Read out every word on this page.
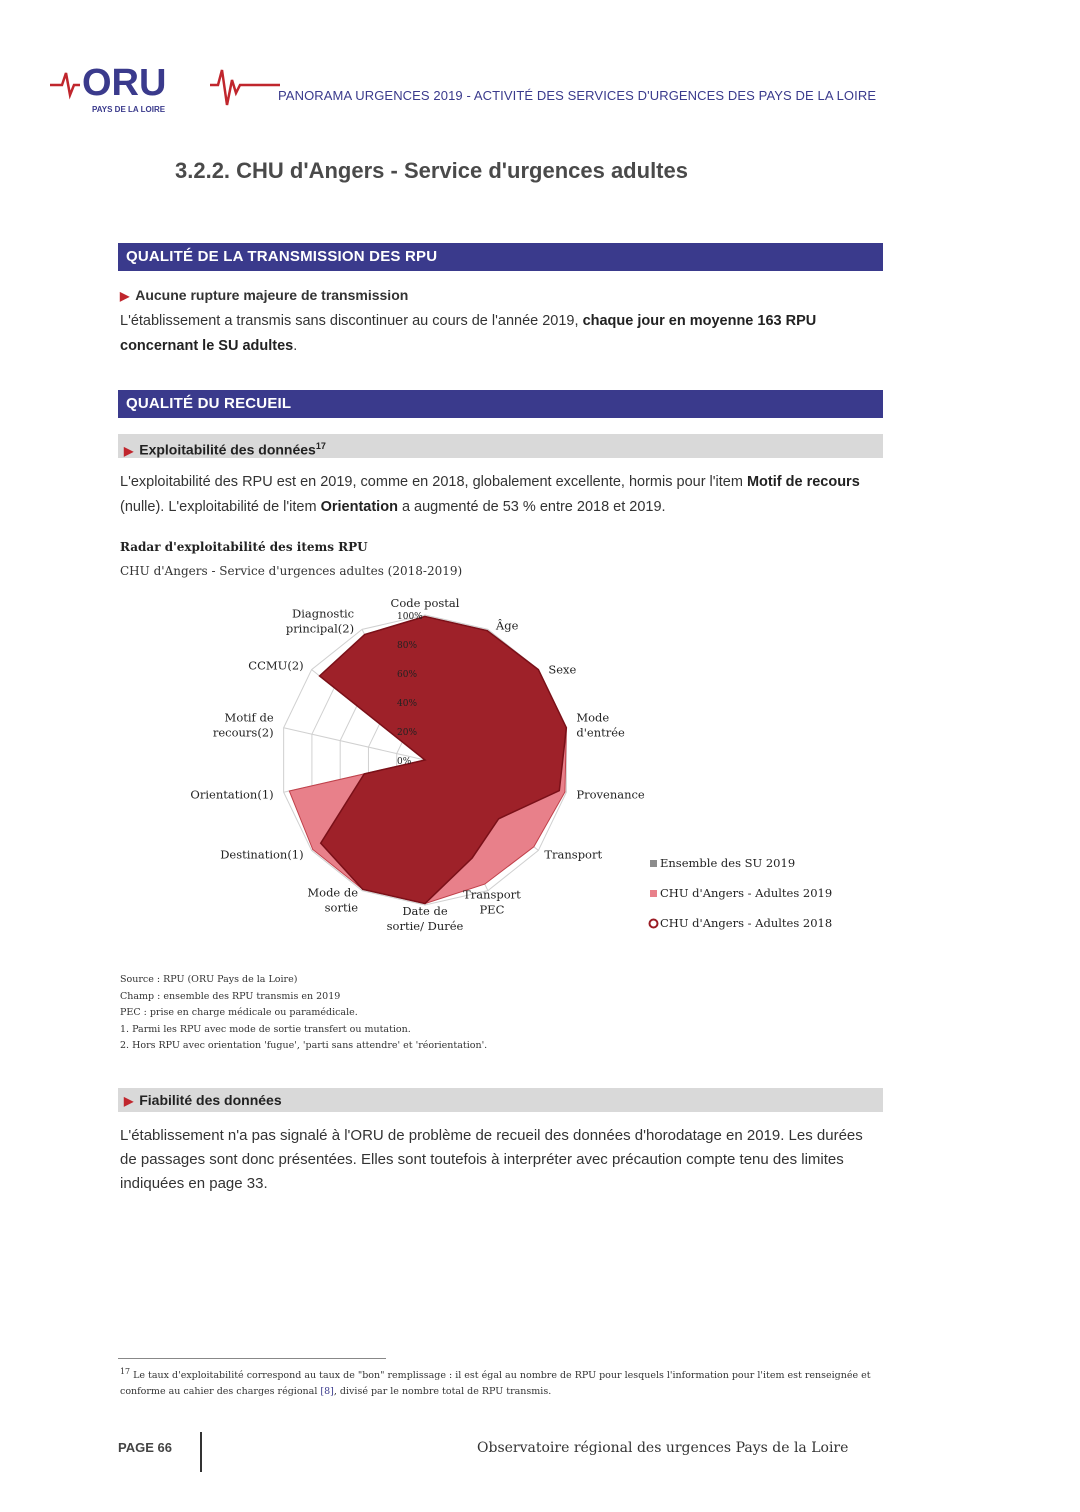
ORU
PAYS DE LA LOIRE
PANORAMA URGENCES 2019 - ACTIVITÉ DES SERVICES D'URGENCES DES PAYS DE LA LOIRE
3.2.2. CHU d'Angers - Service d'urgences adultes
QUALITÉ DE LA TRANSMISSION DES RPU
▶ Aucune rupture majeure de transmission
L'établissement a transmis sans discontinuer au cours de l'année 2019, chaque jour en moyenne 163 RPU concernant le SU adultes.
QUALITÉ DU RECUEIL
▶ Exploitabilité des données$^{17}$
L'exploitabilité des RPU est en 2019, comme en 2018, globalement excellente, hormis pour l'item Motif de recours (nulle). L'exploitabilité de l'item Orientation a augmenté de 53 % entre 2018 et 2019.
Radar d'exploitabilité des items RPU
CHU d'Angers - Service d'urgences adultes (2018-2019)
0%
20%
40%
60%
80%
100%
Code postal
Âge
Sexe
Mode d'entrée
Provenance
Transport
Transport PEC
Date de sortie/ Durée
Mode de sortie
Destination(1)
Orientation(1)
Motif de recours(2)
CCMU(2)
Diagnostic principal(2)
Ensemble des SU 2019
CHU d'Angers - Adultes 2019
CHU d'Angers - Adultes 2018
Source : RPU (ORU Pays de la Loire)
Champ : ensemble des RPU transmis en 2019
PEC : prise en charge médicale ou paramédicale.
1. Parmi les RPU avec mode de sortie transfert ou mutation.
2. Hors RPU avec orientation 'fugue', 'parti sans attendre' et 'réorientation'.
▶ Fiabilité des données
L'établissement n'a pas signalé à l'ORU de problème de recueil des données d'horodatage en 2019. Les durées de passages sont donc présentées. Elles sont toutefois à interpréter avec précaution compte tenu des limites indiquées en page 33.
$^{17}$ Le taux d'exploitabilité correspond au taux de "bon" remplissage : il est égal au nombre de RPU pour lesquels l'information pour l'item est renseignée et conforme au cahier des charges régional [8], divisé par le nombre total de RPU transmis.
PAGE 66	Observatoire régional des urgences Pays de la Loire
